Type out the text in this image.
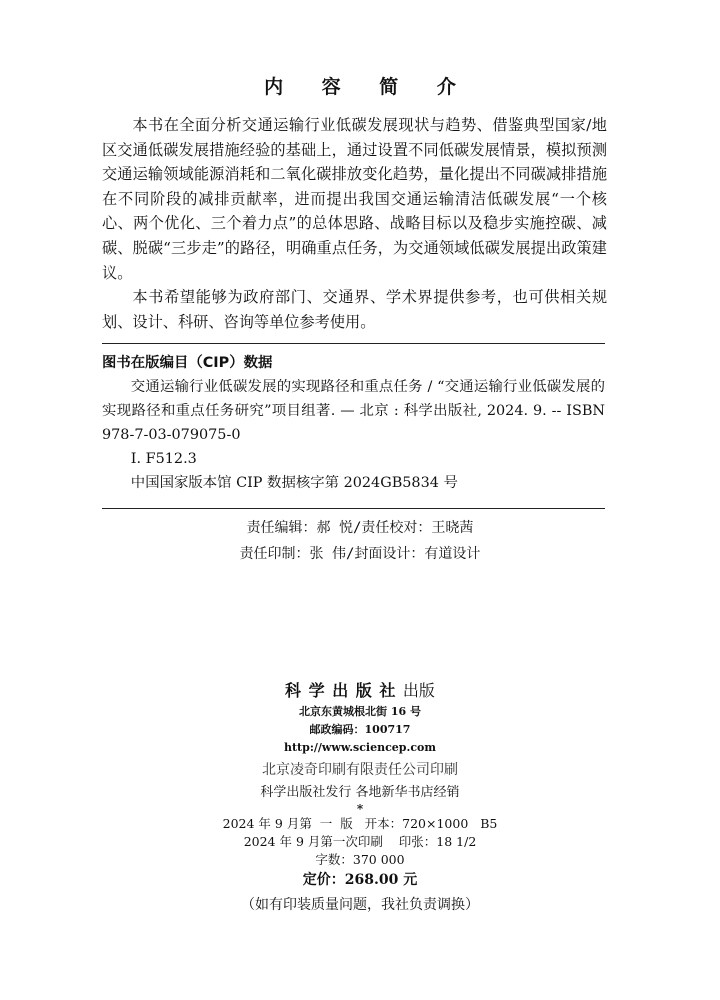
内 容 简 介

本书在全面分析交通运输行业低碳发展现状与趋势、借鉴典型国家/地区交通低碳发展措施经验的基础上，通过设置不同低碳发展情景，模拟预测交通运输领域能源消耗和二氧化碳排放变化趋势，量化提出不同碳减排措施在不同阶段的减排贡献率，进而提出我国交通运输清洁低碳发展“一个核心、两个优化、三个着力点”的总体思路、战略目标以及稳步实施控碳、减碳、脱碳“三步走”的路径，明确重点任务，为交通领域低碳发展提出政策建议。

本书希望能够为政府部门、交通界、学术界提供参考，也可供相关规划、设计、科研、咨询等单位参考使用。

图书在版编目（CIP）数据
交通运输行业低碳发展的实现路径和重点任务 / “交通运输行业低碳发展的实现路径和重点任务研究”项目组著. — 北京 : 科学出版社, 2024. 9. -- ISBN 978-7-03-079075-0
Ⅰ. F512.3
中国国家版本馆 CIP 数据核字第 2024GB5834 号
责任编辑：郝 悦/责任校对：王晓茜
责任印制：张 伟/封面设计：有道设计
科 学 出 版 社 出版
北京东黄城根北街 16 号
邮政编码：100717
http://www.sciencep.com
北京凌奇印刷有限责任公司印刷
科学出版社发行 各地新华书店经销
*
2024 年 9 月第  一  版   开本：720×1000   B5
2024 年 9 月第一次印刷    印张：18 1/2
字数：370 000
定价：268.00 元
（如有印装质量问题，我社负责调换）
